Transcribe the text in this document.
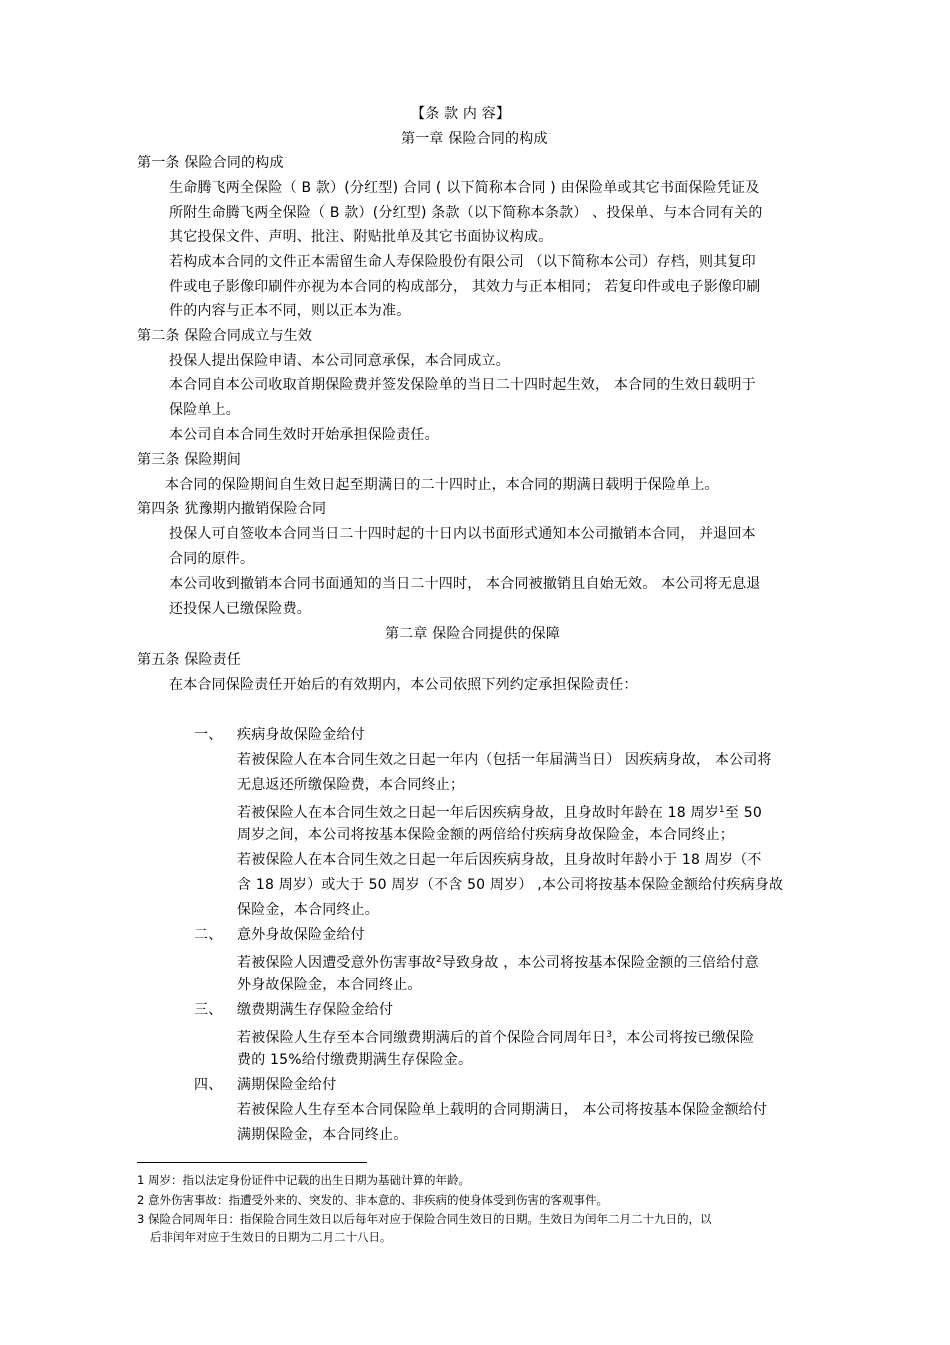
【条 款 内 容】
第一章 保险合同的构成
第一条 保险合同的构成
生命腾飞两全保险（ B 款）(分红型) 合同 ( 以下简称本合同 ) 由保险单或其它书面保险凭证及
所附生命腾飞两全保险（ B 款）(分红型) 条款（以下简称本条款） 、投保单、与本合同有关的
其它投保文件、声明、批注、附贴批单及其它书面协议构成。
若构成本合同的文件正本需留生命人寿保险股份有限公司 （以下简称本公司）存档，则其复印
件或电子影像印刷件亦视为本合同的构成部分， 其效力与正本相同； 若复印件或电子影像印刷
件的内容与正本不同，则以正本为准。
第二条 保险合同成立与生效
投保人提出保险申请、本公司同意承保，本合同成立。
本合同自本公司收取首期保险费并签发保险单的当日二十四时起生效， 本合同的生效日载明于
保险单上。
本公司自本合同生效时开始承担保险责任。
第三条 保险期间
本合同的保险期间自生效日起至期满日的二十四时止，本合同的期满日载明于保险单上。
第四条 犹豫期内撤销保险合同
投保人可自签收本合同当日二十四时起的十日内以书面形式通知本公司撤销本合同， 并退回本
合同的原件。
本公司收到撤销本合同书面通知的当日二十四时， 本合同被撤销且自始无效。 本公司将无息退
还投保人已缴保险费。
第二章 保险合同提供的保障
第五条 保险责任
在本合同保险责任开始后的有效期内，本公司依照下列约定承担保险责任：
一、 疾病身故保险金给付
若被保险人在本合同生效之日起一年内（包括一年届满当日） 因疾病身故， 本公司将
无息返还所缴保险费，本合同终止；
若被保险人在本合同生效之日起一年后因疾病身故，且身故时年龄在 18 周岁$^1$至 50
周岁之间，本公司将按基本保险金额的两倍给付疾病身故保险金，本合同终止；
若被保险人在本合同生效之日起一年后因疾病身故，且身故时年龄小于 18 周岁（不
含 18 周岁）或大于 50 周岁（不含 50 周岁） ,本公司将按基本保险金额给付疾病身故
保险金，本合同终止。
二、 意外身故保险金给付
若被保险人因遭受意外伤害事故$^2$导致身故 ，本公司将按基本保险金额的三倍给付意
外身故保险金，本合同终止。
三、 缴费期满生存保险金给付
若被保险人生存至本合同缴费期满后的首个保险合同周年日$^3$，本公司将按已缴保险
费的 15%给付缴费期满生存保险金。
四、 满期保险金给付
若被保险人生存至本合同保险单上载明的合同期满日， 本公司将按基本保险金额给付
满期保险金，本合同终止。
1 周岁：指以法定身份证件中记载的出生日期为基础计算的年龄。
2 意外伤害事故：指遭受外来的、突发的、非本意的、非疾病的使身体受到伤害的客观事件。
3 保险合同周年日：指保险合同生效日以后每年对应于保险合同生效日的日期。生效日为闰年二月二十九日的，以
后非闰年对应于生效日的日期为二月二十八日。
